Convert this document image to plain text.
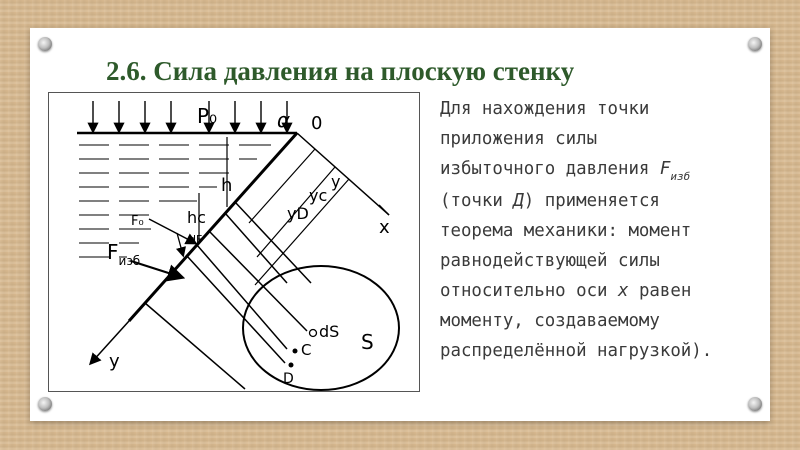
2.6. Сила давления на плоскую стенку
P₀	α 0
h
hc	yD
yc
y
x
F₀
dF
$F_{изб}$
dS
C
D
S
y
Для нахождения точки
приложения силы
избыточного давления $F_{изб}$
(точки Д) применяется
теорема механики: момент
равнодействующей силы
относительно оси х равен
моменту, создаваемому
распределённой нагрузкой).
